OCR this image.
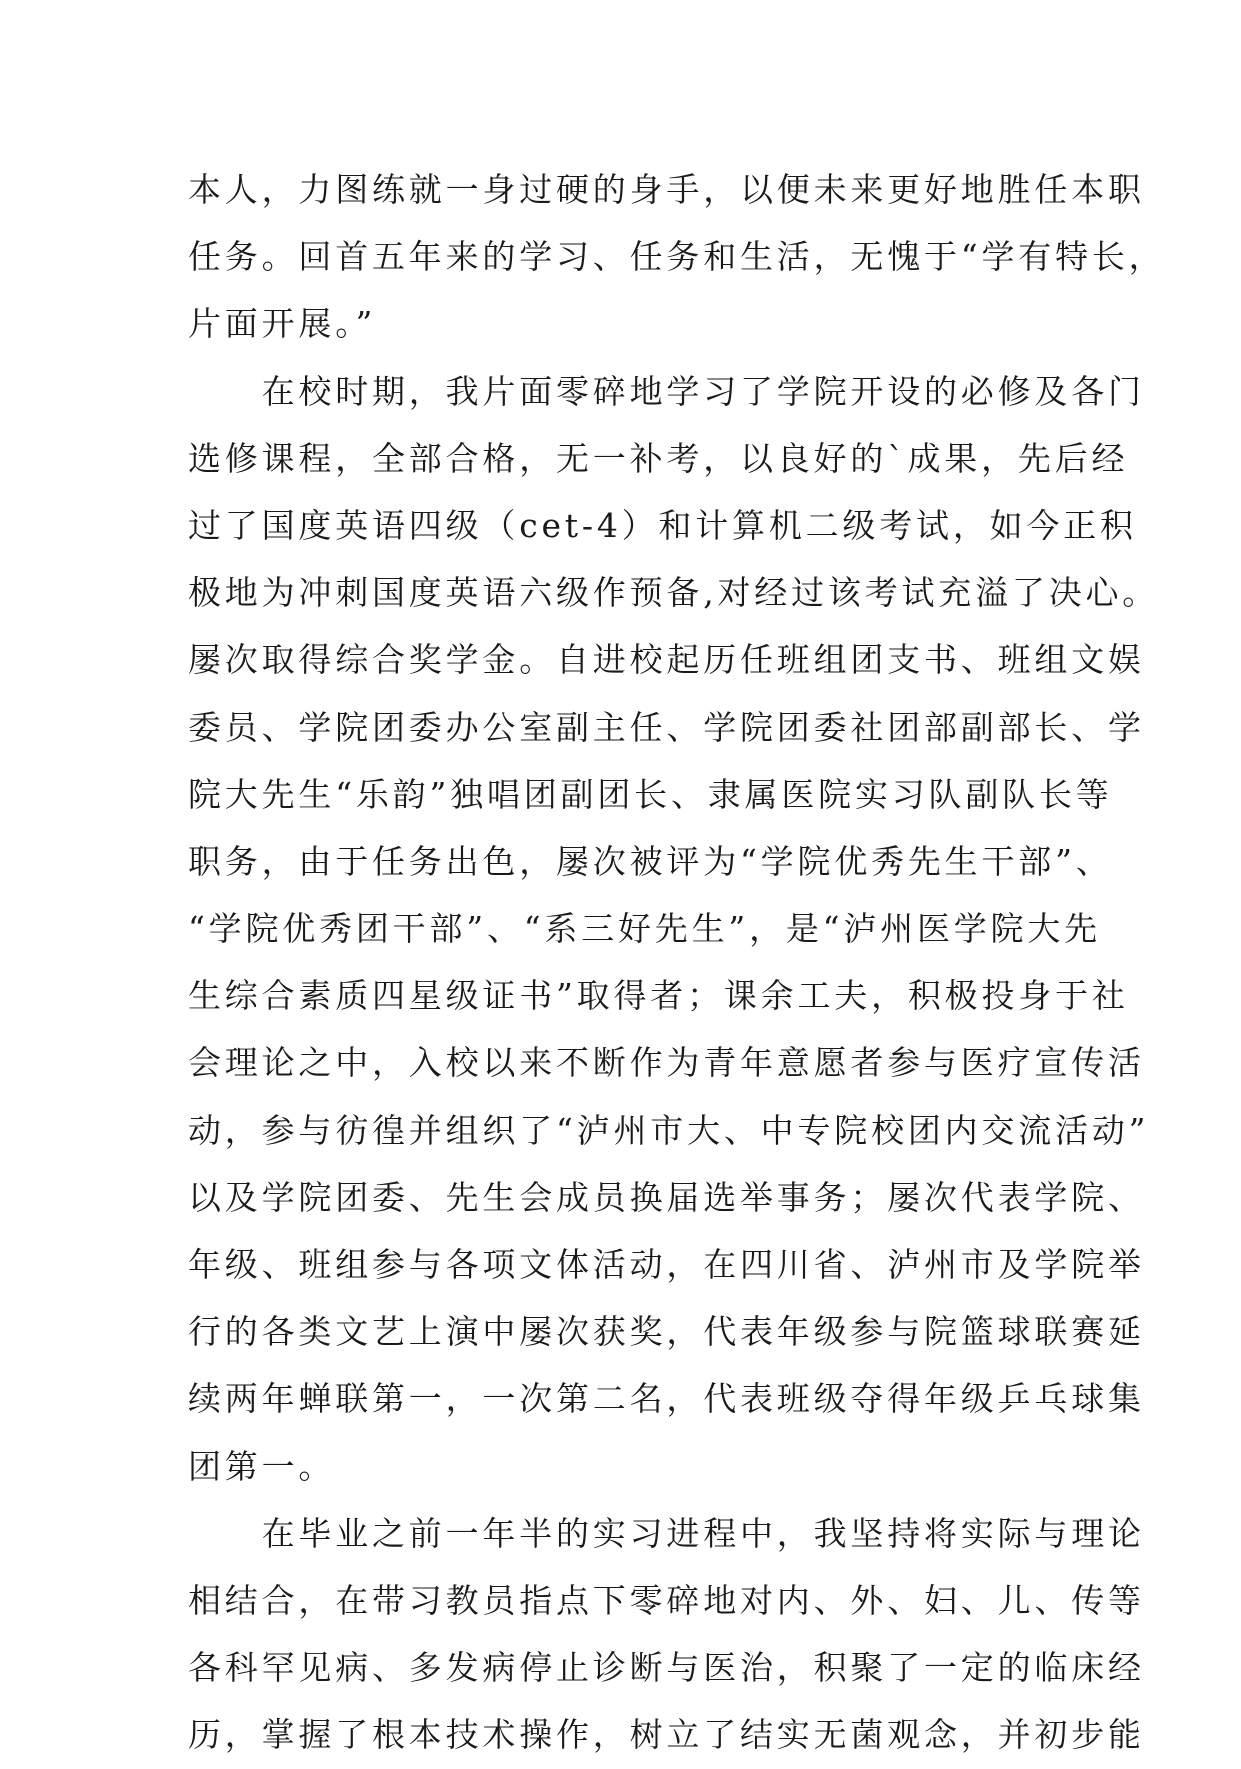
本人，力图练就一身过硬的身手，以便未来更好地胜任本职
任务。回首五年来的学习、任务和生活，无愧于“学有特长，
片面开展。”
　　在校时期，我片面零碎地学习了学院开设的必修及各门
选修课程，全部合格，无一补考，以良好的`成果，先后经
过了国度英语四级（cet-4）和计算机二级考试，如今正积
极地为冲刺国度英语六级作预备,对经过该考试充溢了决心。
屡次取得综合奖学金。自进校起历任班组团支书、班组文娱
委员、学院团委办公室副主任、学院团委社团部副部长、学
院大先生“乐韵”独唱团副团长、隶属医院实习队副队长等
职务，由于任务出色，屡次被评为“学院优秀先生干部”、
“学院优秀团干部”、“系三好先生”，是“泸州医学院大先
生综合素质四星级证书”取得者；课余工夫，积极投身于社
会理论之中，入校以来不断作为青年意愿者参与医疗宣传活
动，参与彷徨并组织了“泸州市大、中专院校团内交流活动”
以及学院团委、先生会成员换届选举事务；屡次代表学院、
年级、班组参与各项文体活动，在四川省、泸州市及学院举
行的各类文艺上演中屡次获奖，代表年级参与院篮球联赛延
续两年蝉联第一，一次第二名，代表班级夺得年级乒乓球集
团第一。
　　在毕业之前一年半的实习进程中，我坚持将实际与理论
相结合，在带习教员指点下零碎地对内、外、妇、儿、传等
各科罕见病、多发病停止诊断与医治，积聚了一定的临床经
历，掌握了根本技术操作，树立了结实无菌观念，并初步能
